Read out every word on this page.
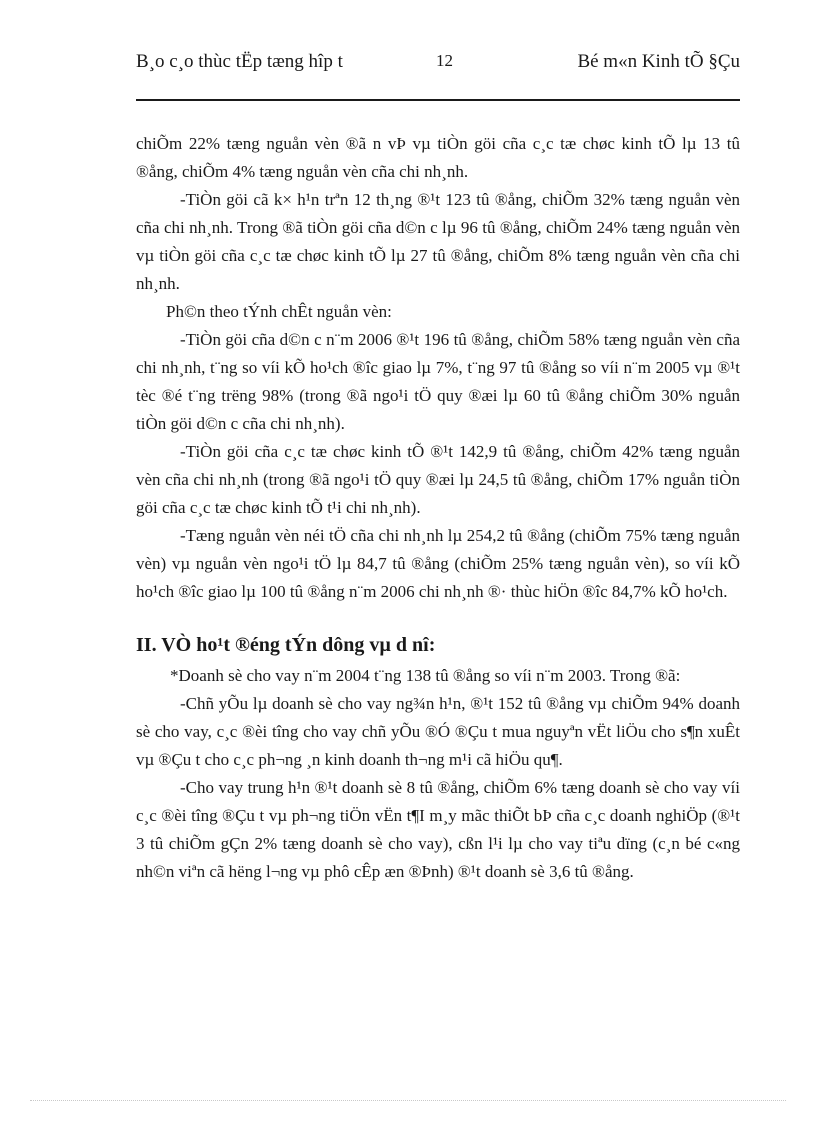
B¸o c¸o thùc tËp tæng hîp t	12	Bé m«n Kinh tÕ §Çu

chiÕm 22% tæng nguån vèn ®ã n vÞ vµ tiÒn göi cña c¸c tæ chøc kinh tÕ lµ 13 tû ®ång, chiÕm 4% tæng nguån vèn cña chi nh¸nh.

-TiÒn göi cã k× h¹n trªn 12 th¸ng ®¹t 123 tû ®ång, chiÕm 32% tæng nguån vèn cña chi nh¸nh. Trong ®ã tiÒn göi cña d©n c lµ 96 tû ®ång, chiÕm 24% tæng nguån vèn vµ tiÒn göi cña c¸c tæ chøc kinh tÕ lµ 27 tû ®ång, chiÕm 8% tæng nguån vèn cña chi nh¸nh.

Ph©n theo tÝnh chÊt nguån vèn:

-TiÒn göi cña d©n c n¨m 2006 ®¹t 196 tû ®ång, chiÕm 58% tæng nguån vèn cña chi nh¸nh, t¨ng so víi kÕ ho¹ch ®îc giao lµ 7%, t¨ng 97 tû ®ång so víi n¨m 2005 vµ ®¹t tèc ®é t¨ng trëng 98% (trong ®ã ngo¹i tÖ quy ®æi lµ 60 tû ®ång chiÕm 30% nguån tiÒn göi d©n c cña chi nh¸nh).

-TiÒn göi cña c¸c tæ chøc kinh tÕ ®¹t 142,9 tû ®ång, chiÕm 42% tæng nguån vèn cña chi nh¸nh (trong ®ã ngo¹i tÖ quy ®æi lµ 24,5 tû ®ång, chiÕm 17% nguån tiÒn göi cña c¸c tæ chøc kinh tÕ t¹i chi nh¸nh).

-Tæng nguån vèn néi tÖ cña chi nh¸nh lµ 254,2 tû ®ång (chiÕm 75% tæng nguån vèn) vµ nguån vèn ngo¹i tÖ lµ 84,7 tû ®ång (chiÕm 25% tæng nguån vèn), so víi kÕ ho¹ch ®îc giao lµ 100 tû ®ång n¨m 2006 chi nh¸nh ®· thùc hiÖn ®îc 84,7% kÕ ho¹ch.

II. VÒ ho¹t ®éng tÝn dông vµ d nî:

*Doanh sè cho vay n¨m 2004 t¨ng 138 tû ®ång so víi n¨m 2003. Trong ®ã:

-Chñ yÕu lµ doanh sè cho vay ng¾n h¹n, ®¹t 152 tû ®ång vµ chiÕm 94% doanh sè cho vay, c¸c ®èi tîng cho vay chñ yÕu ®Ó ®Çu t mua nguyªn vËt liÖu cho s¶n xuÊt vµ ®Çu t cho c¸c ph¬ng ¸n kinh doanh th¬ng m¹i cã hiÖu qu¶.

-Cho vay trung h¹n ®¹t doanh sè 8 tû ®ång, chiÕm 6% tæng doanh sè cho vay víi c¸c ®èi tîng ®Çu t vµ ph¬ng tiÖn vËn t¶I m¸y mãc thiÕt bÞ cña c¸c doanh nghiÖp (®¹t 3 tû chiÕm gÇn 2% tæng doanh sè cho vay), cßn l¹i lµ cho vay tiªu dïng (c¸n bé c«ng nh©n viªn cã hëng l¬ng vµ phô cÊp æn ®Þnh) ®¹t doanh sè 3,6 tû ®ång.
